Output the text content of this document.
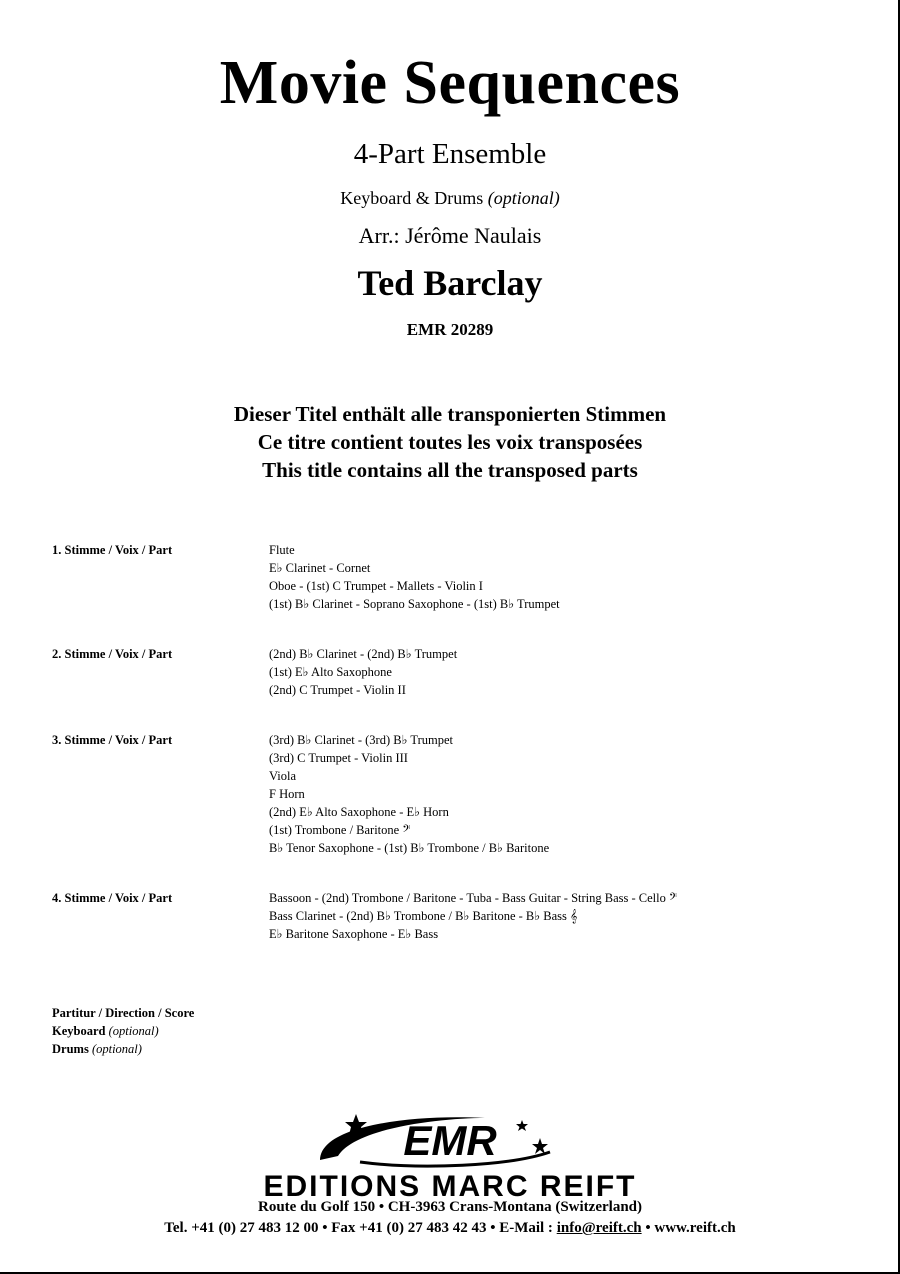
Movie Sequences
4-Part Ensemble
Keyboard & Drums (optional)
Arr.: Jérôme Naulais
Ted Barclay
EMR 20289
Dieser Titel enthält alle transponierten Stimmen
Ce titre contient toutes les voix transposées
This title contains all the transposed parts
1. Stimme / Voix / Part	Flute
E♭ Clarinet - Cornet
Oboe - (1st) C Trumpet - Mallets - Violin I
(1st) B♭ Clarinet - Soprano Saxophone - (1st) B♭ Trumpet
2. Stimme / Voix / Part	(2nd) B♭ Clarinet - (2nd) B♭ Trumpet
(1st) E♭ Alto Saxophone
(2nd) C Trumpet - Violin II
3. Stimme / Voix / Part	(3rd) B♭ Clarinet - (3rd) B♭ Trumpet
(3rd) C Trumpet - Violin III
Viola
F Horn
(2nd) E♭ Alto Saxophone - E♭ Horn
(1st) Trombone / Baritone 𝄢
B♭ Tenor Saxophone - (1st) B♭ Trombone / B♭ Baritone
4. Stimme / Voix / Part	Bassoon - (2nd) Trombone / Baritone - Tuba - Bass Guitar - String Bass - Cello 𝄢
Bass Clarinet - (2nd) B♭ Trombone / B♭ Baritone - B♭ Bass 𝄞
E♭ Baritone Saxophone - E♭ Bass
Partitur / Direction / Score
Keyboard (optional)
Drums (optional)
EMR
EDITIONS MARC REIFT
Route du Golf 150 • CH-3963 Crans-Montana (Switzerland)
Tel. +41 (0) 27 483 12 00 • Fax +41 (0) 27 483 42 43 • E-Mail : info@reift.ch • www.reift.ch
